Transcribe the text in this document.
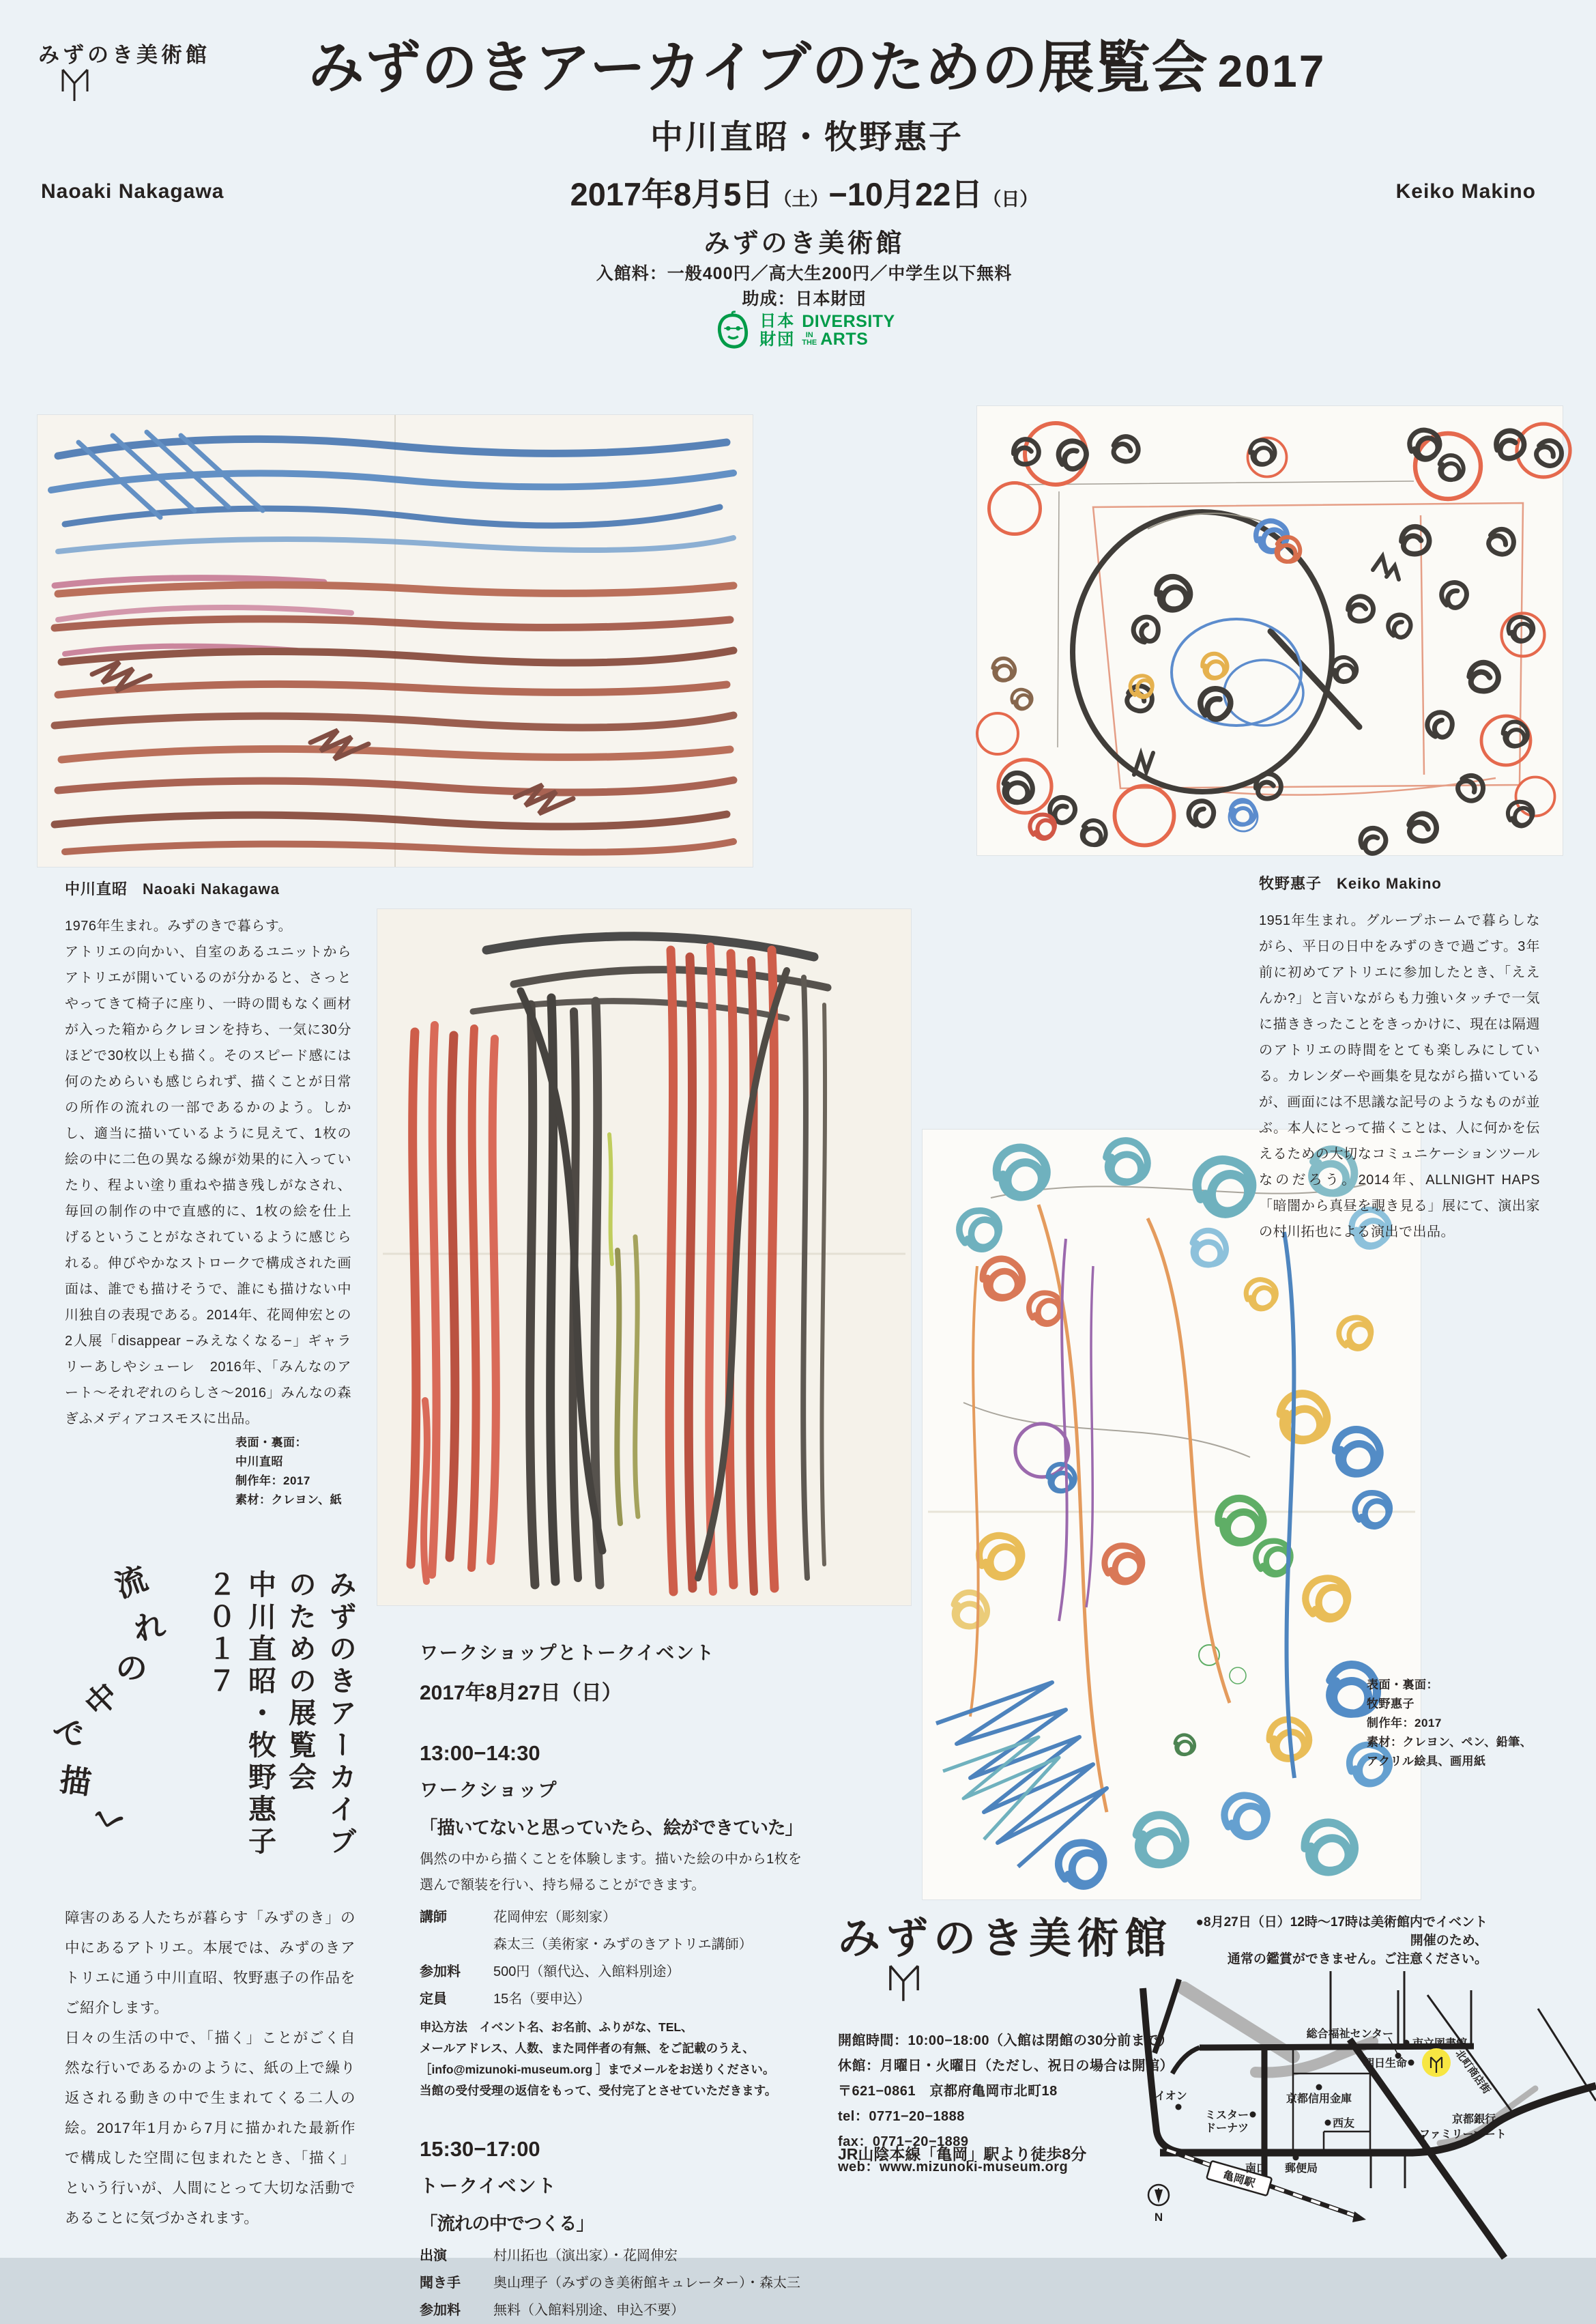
みずのき美術館	みずのきアーカイブのための展覧会 2017
中川直昭・牧野惠子
Naoaki Nakagawa	Keiko Makino
2017年8月5日（土）−10月22日（日）
みずのき美術館
入館料：一般400円／高大生200円／中学生以下無料
助成：日本財団
日本
財団
DIVERSITY
IN
THE ARTS
中川直昭 Naoaki Nakagawa

1976年生まれ。みずのきで暮らす。

アトリエの向かい、自室のあるユニットからアトリエが開いているのが分かると、さっとやってきて椅子に座り、一時の間もなく画材が入った箱からクレヨンを持ち、一気に30分ほどで30枚以上も描く。そのスピード感には何のためらいも感じられず、描くことが日常の所作の流れの一部であるかのよう。しかし、適当に描いているように見えて、1枚の絵の中に二色の異なる線が効果的に入っていたり、程よい塗り重ねや描き残しがなされ、毎回の制作の中で直感的に、1枚の絵を仕上げるということがなされているように感じられる。伸びやかなストロークで構成された画面は、誰でも描けそうで、誰にも描けない中川独自の表現である。2014年、花岡伸宏との2人展「disappear −みえなくなる−」ギャラリーあしやシューレ　2016年、「みんなのアート〜それぞれのらしさ〜2016」みんなの森 ぎふメディアコスモスに出品。

表面・裏面：
中川直昭
制作年：2017
素材：クレヨン、紙
牧野惠子 Keiko Makino

1951年生まれ。グループホームで暮らしながら、平日の日中をみずのきで過ごす。3年前に初めてアトリエに参加したとき、「ええんか?」と言いながらも力強いタッチで一気に描ききったことをきっかけに、現在は隔週のアトリエの時間をとても楽しみにしている。カレンダーや画集を見ながら描いているが、画面には不思議な記号のようなものが並ぶ。本人にとって描くことは、人に何かを伝えるための大切なコミュニケーションツールなのだろう。2014年、ALLNIGHT HAPS「暗闇から真昼を覗き見る」展にて、演出家の村川拓也による演出で出品。

表面・裏面：
牧野惠子
制作年：2017
素材：クレヨン、ペン、鉛筆、
アクリル絵具、画用紙
みずのきアーカイブ
のための展覧会
中川直昭・牧野惠子
２０１７
流
れ
の
中
で
描
く

障害のある人たちが暮らす「みずのき」の中にあるアトリエ。本展では、みずのきアトリエに通う中川直昭、牧野惠子の作品をご紹介します。

日々の生活の中で、「描く」ことがごく自然な行いであるかのように、紙の上で繰り返される動きの中で生まれてくる二人の絵。2017年1月から7月に描かれた最新作で構成した空間に包まれたとき、「描く」という行いが、人間にとって大切な活動であることに気づかされます。

ワークショップとトークイベント
2017年8月27日（日）
13:00−14:30
ワークショップ
「描いてないと思っていたら、絵ができていた」
偶然の中から描くことを体験します。描いた絵の中から1枚を選んで額装を行い、持ち帰ることができます。
講師	花岡伸宏（彫刻家）
森太三（美術家・みずのきアトリエ講師）
参加料	500円（額代込、入館料別途）
定員	15名（要申込）
申込方法　イベント名、お名前、ふりがな、TEL、
メールアドレス、人数、また同伴者の有無、をご記載のうえ、
［info@mizunoki-museum.org ］までメールをお送りください。
当館の受付受理の返信をもって、受付完了とさせていただきます。
15:30−17:00
トークイベント
「流れの中でつくる」
出演	村川拓也（演出家）・花岡伸宏
聞き手	奥山理子（みずのき美術館キュレーター）・森太三
参加料	無料（入館料別途、申込不要）
みずのき美術館
開館時間：10:00−18:00（入館は閉館の30分前まで）
休館：月曜日・火曜日（ただし、祝日の場合は開館）
〒621−0861　京都府亀岡市北町18
tel：0771−20−1888
fax：0771−20−1889
web：www.mizunoki-museum.org
JR山陰本線「亀岡」駅より徒歩8分
●8月27日（日）12時〜17時は美術館内でイベント開催のため、
通常の鑑賞ができません。ご注意ください。
亀岡駅
総合福祉センター
市立図書館
朝日生命
イオン	京都信用金庫
ミスター
ドーナツ	西友
ファミリーマート
京都銀行
郵便局
南口
北町商店街
N
